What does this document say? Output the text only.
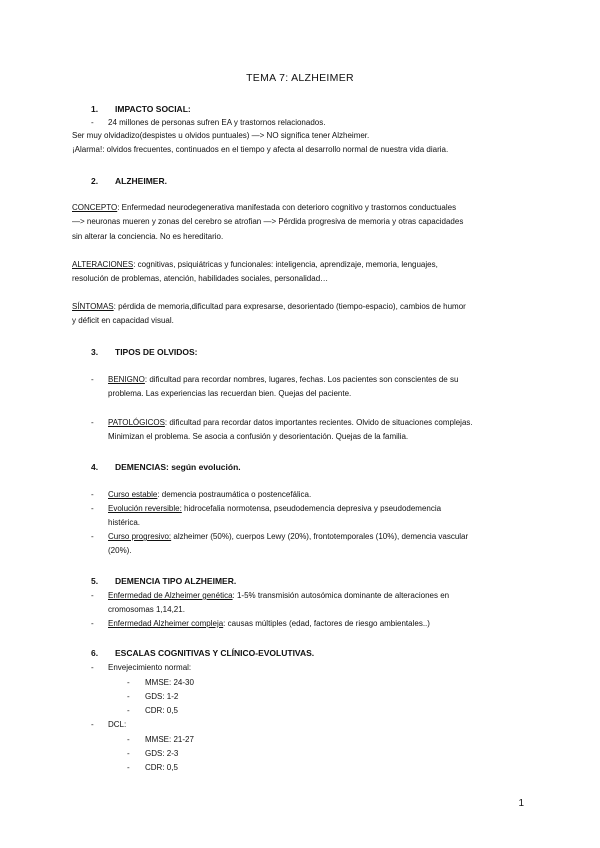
TEMA 7: ALZHEIMER
1. IMPACTO SOCIAL:
- 24 millones de personas sufren EA y trastornos relacionados.
Ser muy olvidadizo(despistes u olvidos puntuales) —> NO significa tener Alzheimer.
¡Alarma!: olvidos frecuentes, continuados en el tiempo y afecta al desarrollo normal de nuestra vida diaria.
2. ALZHEIMER.
CONCEPTO: Enfermedad neurodegenerativa manifestada con deterioro cognitivo y trastornos conductuales
—> neuronas mueren y zonas del cerebro se atrofian —> Pérdida progresiva de memoria y otras capacidades
sin alterar la conciencia. No es hereditario.
ALTERACIONES: cognitivas, psiquiátricas y funcionales: inteligencia, aprendizaje, memoria, lenguajes,
resolución de problemas, atención, habilidades sociales, personalidad…
SÍNTOMAS: pérdida de memoria,dificultad para expresarse, desorientado (tiempo-espacio), cambios de humor
y déficit en capacidad visual.
3. TIPOS DE OLVIDOS:
- BENIGNO: dificultad para recordar nombres, lugares, fechas. Los pacientes son conscientes de su
problema. Las experiencias las recuerdan bien. Quejas del paciente.
- PATOLÓGICOS: dificultad para recordar datos importantes recientes. Olvido de situaciones complejas.
Minimizan el problema. Se asocia a confusión y desorientación. Quejas de la familia.
4. DEMENCIAS: según evolución.
- Curso estable: demencia postraumática o postencefálica.
- Evolución reversible: hidrocefalia normotensa, pseudodemencia depresiva y pseudodemencia
histérica.
- Curso progresivo: alzheimer (50%), cuerpos Lewy (20%), frontotemporales (10%), demencia vascular
(20%).
5. DEMENCIA TIPO ALZHEIMER.
- Enfermedad de Alzheimer genética: 1-5% transmisión autosómica dominante de alteraciones en
cromosomas 1,14,21.
- Enfermedad Alzheimer compleja: causas múltiples (edad, factores de riesgo ambientales..)
6. ESCALAS COGNITIVAS Y CLÍNICO-EVOLUTIVAS.
- Envejecimiento normal:
- MMSE: 24-30
- GDS: 1-2
- CDR: 0,5
- DCL:
- MMSE: 21-27
- GDS: 2-3
- CDR: 0,5
1
